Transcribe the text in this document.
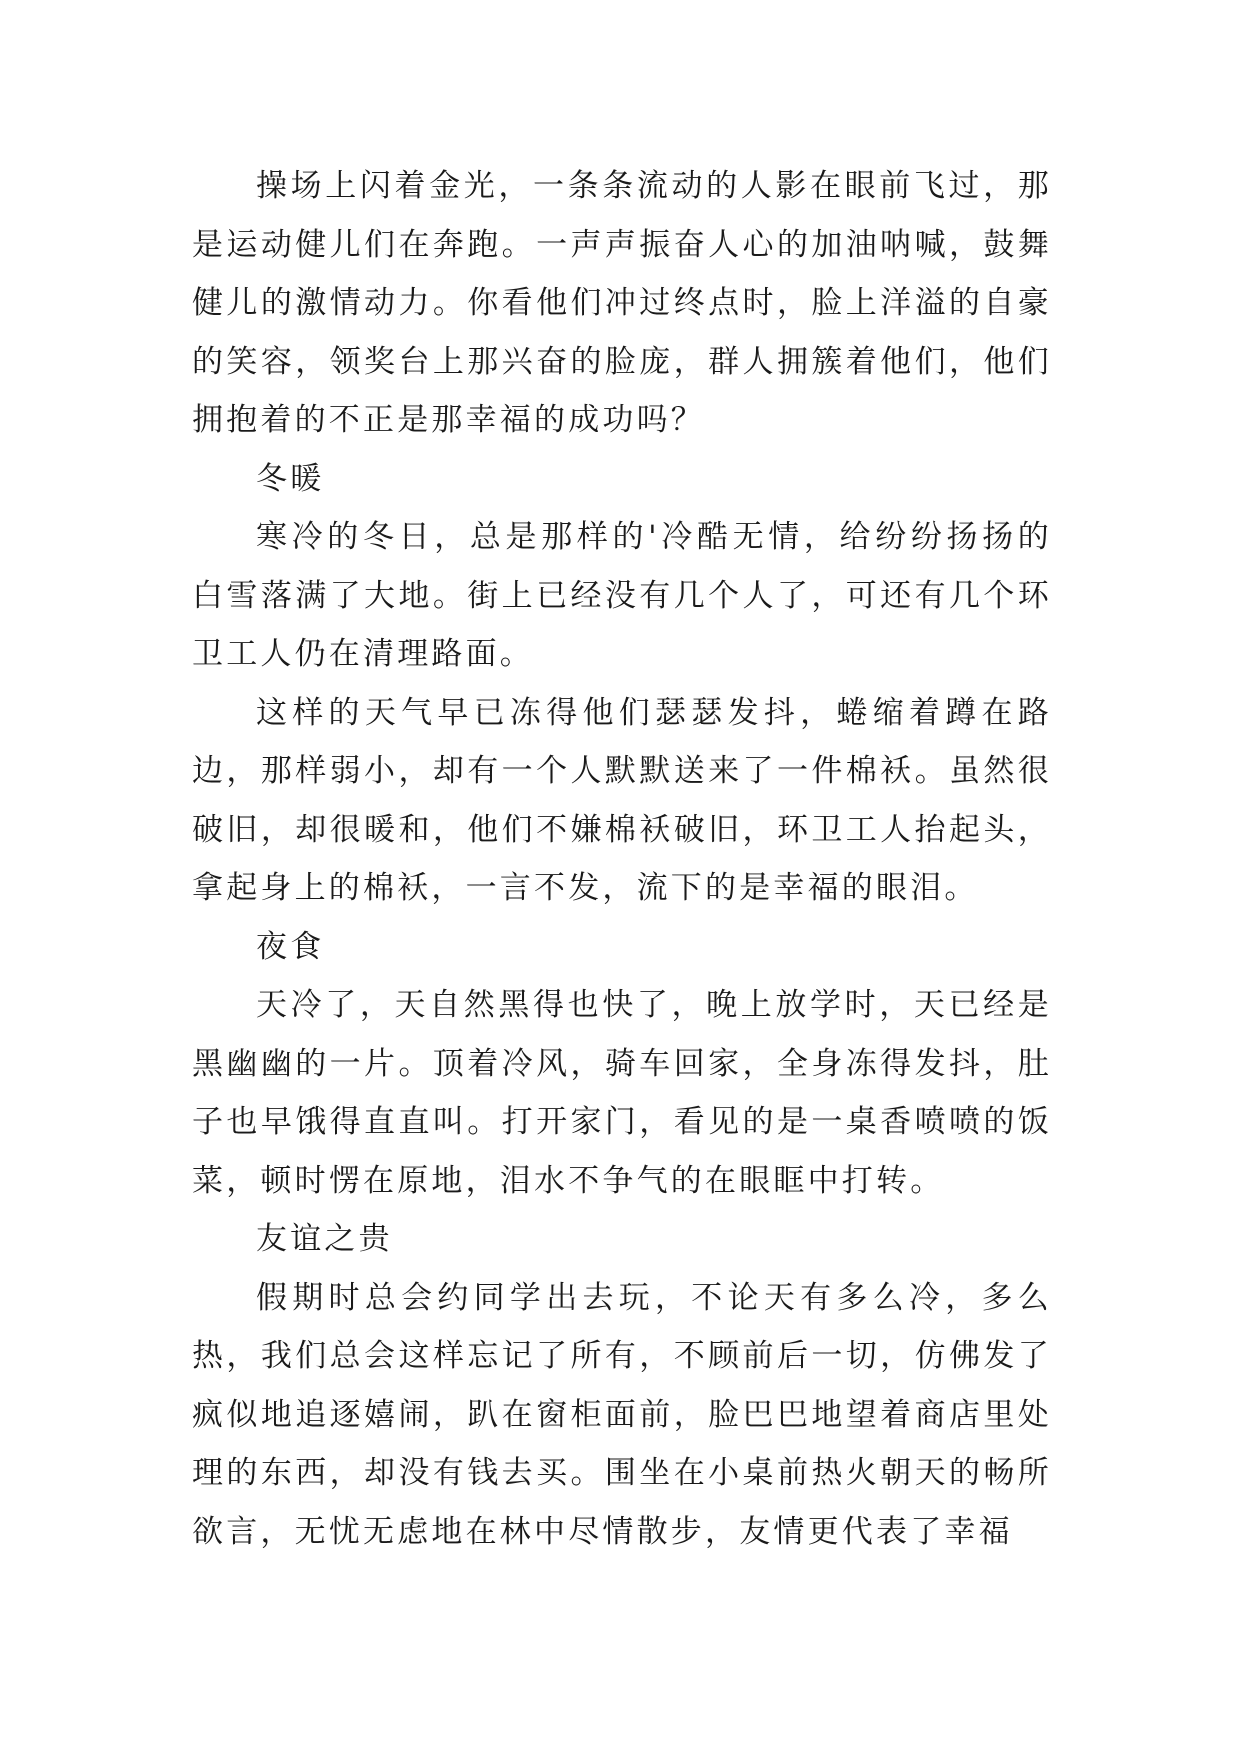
操场上闪着金光，一条条流动的人影在眼前飞过，那是运动健儿们在奔跑。一声声振奋人心的加油呐喊，鼓舞健儿的激情动力。你看他们冲过终点时，脸上洋溢的自豪的笑容，领奖台上那兴奋的脸庞，群人拥簇着他们，他们拥抱着的不正是那幸福的成功吗？

冬暖

寒冷的冬日，总是那样的'冷酷无情，给纷纷扬扬的白雪落满了大地。街上已经没有几个人了，可还有几个环卫工人仍在清理路面。

这样的天气早已冻得他们瑟瑟发抖，蜷缩着蹲在路边，那样弱小，却有一个人默默送来了一件棉袄。虽然很破旧，却很暖和，他们不嫌棉袄破旧，环卫工人抬起头，拿起身上的棉袄，一言不发，流下的是幸福的眼泪。

夜食

天冷了，天自然黑得也快了，晚上放学时，天已经是黑幽幽的一片。顶着冷风，骑车回家，全身冻得发抖，肚子也早饿得直直叫。打开家门，看见的是一桌香喷喷的饭菜，顿时愣在原地，泪水不争气的在眼眶中打转。

友谊之贵

假期时总会约同学出去玩，不论天有多么冷，多么热，我们总会这样忘记了所有，不顾前后一切，仿佛发了疯似地追逐嬉闹，趴在窗柜面前，脸巴巴地望着商店里处理的东西，却没有钱去买。围坐在小桌前热火朝天的畅所欲言，无忧无虑地在林中尽情散步，友情更代表了幸福
